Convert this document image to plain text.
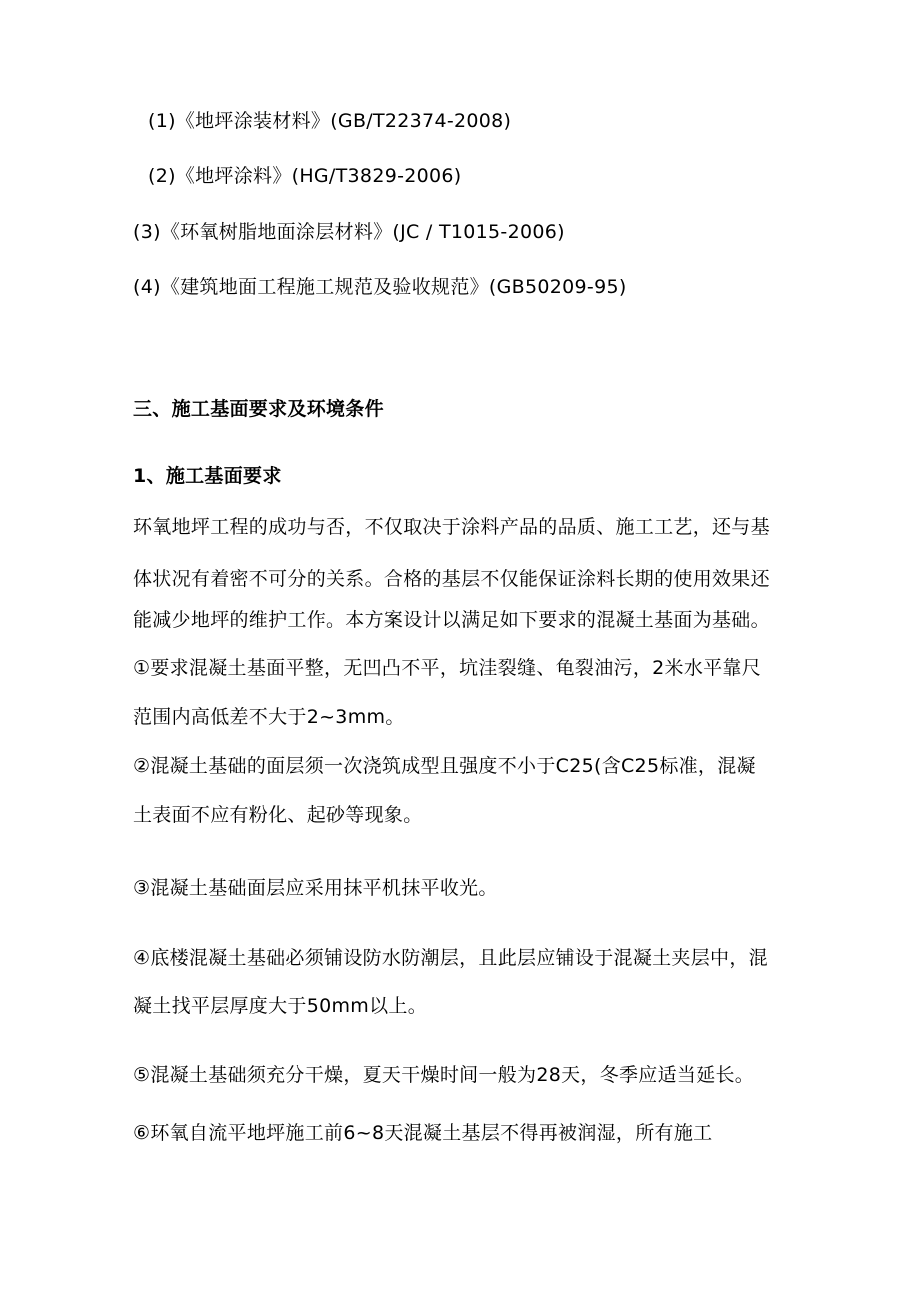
(1)《地坪涂装材料》(GB/T22374-2008)
(2)《地坪涂料》(HG/T3829-2006)
(3)《环氧树脂地面涂层材料》(JC / T1015-2006)
(4)《建筑地面工程施工规范及验收规范》(GB50209-95)
三、施工基面要求及环境条件
1、施工基面要求
环氧地坪工程的成功与否，不仅取决于涂料产品的品质、施工工艺，还与基
体状况有着密不可分的关系。合格的基层不仅能保证涂料长期的使用效果还
能减少地坪的维护工作。本方案设计以满足如下要求的混凝土基面为基础。
①要求混凝土基面平整，无凹凸不平，坑洼裂缝、龟裂油污，2米水平靠尺
范围内高低差不大于2~3mm。
②混凝土基础的面层须一次浇筑成型且强度不小于C25(含C25标准，混凝
土表面不应有粉化、起砂等现象。
③混凝土基础面层应采用抹平机抹平收光。
④底楼混凝土基础必须铺设防水防潮层，且此层应铺设于混凝土夹层中，混
凝土找平层厚度大于50mm以上。
⑤混凝土基础须充分干燥，夏天干燥时间一般为28天，冬季应适当延长。
⑥环氧自流平地坪施工前6~8天混凝土基层不得再被润湿，所有施工
